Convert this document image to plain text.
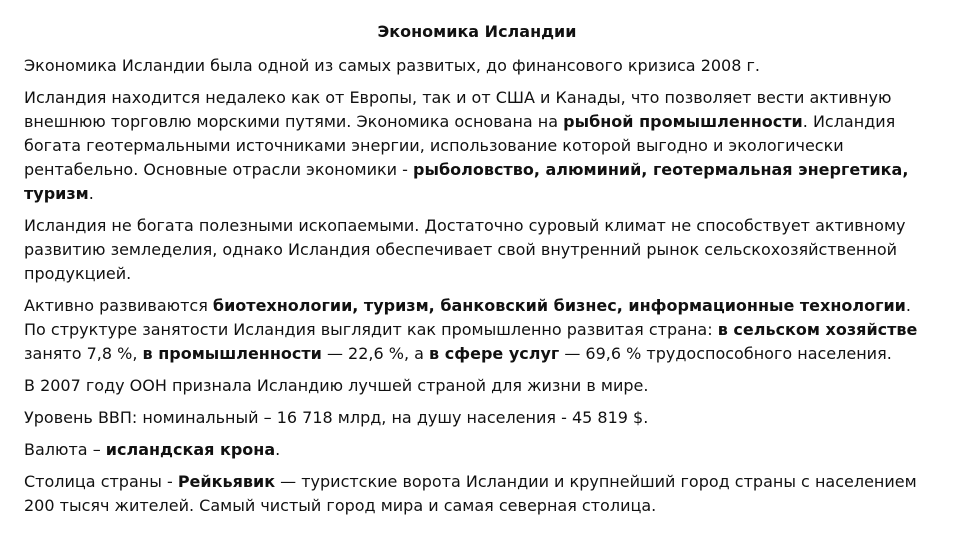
Экономика Исландии

Экономика Исландии была одной из самых развитых, до финансового кризиса 2008 г.

Исландия находится недалеко как от Европы, так и от США и Канады, что позволяет вести активную внешнюю торговлю морскими путями. Экономика основана на рыбной промышленности. Исландия богата геотермальными источниками энергии, использование которой выгодно и экологически рентабельно. Основные отрасли экономики - рыболовство, алюминий, геотермальная энергетика, туризм.

Исландия не богата полезными ископаемыми. Достаточно суровый климат не способствует активному развитию земледелия, однако Исландия обеспечивает свой внутренний рынок сельскохозяйственной продукцией.

Активно развиваются биотехнологии, туризм, банковский бизнес, информационные технологии. По структуре занятости Исландия выглядит как промышленно развитая страна: в сельском хозяйстве занято 7,8 %, в промышленности — 22,6 %, а в сфере услуг — 69,6 % трудоспособного населения.

В 2007 году ООН признала Исландию лучшей страной для жизни в мире.

Уровень ВВП: номинальный – 16 718 млрд, на душу населения - 45 819 $.

Валюта – исландская крона.

Столица страны - Рейкьявик — туристские ворота Исландии и крупнейший город страны с населением 200 тысяч жителей. Самый чистый город мира и самая северная столица.
